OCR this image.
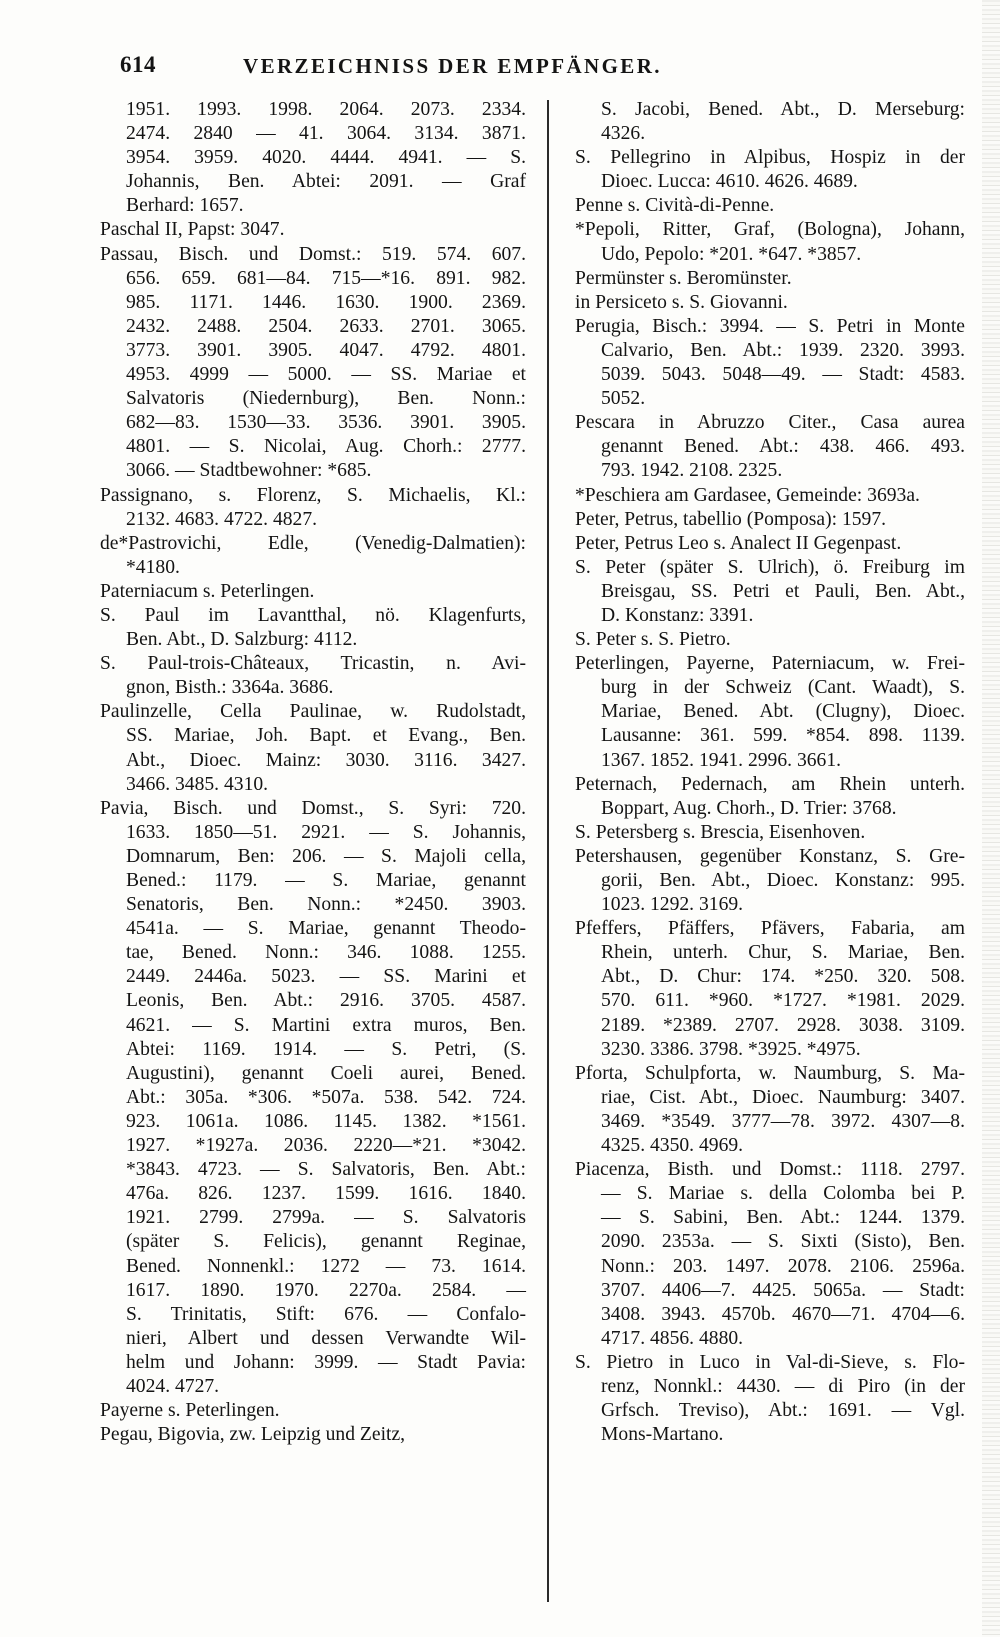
614	VERZEICHNISS DER EMPFÄNGER.
1951. 1993. 1998. 2064. 2073. 2334.
2474. 2840 — 41. 3064. 3134. 3871.
3954. 3959. 4020. 4444. 4941. — S.
Johannis, Ben. Abtei: 2091. — Graf
Berhard: 1657.
Paschal II, Papst: 3047.
Passau, Bisch. und Domst.: 519. 574. 607.
656. 659. 681—84. 715—*16. 891. 982.
985. 1171. 1446. 1630. 1900. 2369.
2432. 2488. 2504. 2633. 2701. 3065.
3773. 3901. 3905. 4047. 4792. 4801.
4953. 4999 — 5000. — SS. Mariae et
Salvatoris (Niedernburg), Ben. Nonn.:
682—83. 1530—33. 3536. 3901. 3905.
4801. — S. Nicolai, Aug. Chorh.: 2777.
3066. — Stadtbewohner: *685.
Passignano, s. Florenz, S. Michaelis, Kl.:
2132. 4683. 4722. 4827.
de*Pastrovichi, Edle, (Venedig-Dalmatien):
*4180.
Paterniacum s. Peterlingen.
S. Paul im Lavantthal, nö. Klagenfurts,
Ben. Abt., D. Salzburg: 4112.
S. Paul-trois-Châteaux, Tricastin, n. Avi-
gnon, Bisth.: 3364a. 3686.
Paulinzelle, Cella Paulinae, w. Rudolstadt,
SS. Mariae, Joh. Bapt. et Evang., Ben.
Abt., Dioec. Mainz: 3030. 3116. 3427.
3466. 3485. 4310.
Pavia, Bisch. und Domst., S. Syri: 720.
1633. 1850—51. 2921. — S. Johannis,
Domnarum, Ben: 206. — S. Majoli cella,
Bened.: 1179. — S. Mariae, genannt
Senatoris, Ben. Nonn.: *2450. 3903.
4541a. — S. Mariae, genannt Theodo-
tae, Bened. Nonn.: 346. 1088. 1255.
2449. 2446a. 5023. — SS. Marini et
Leonis, Ben. Abt.: 2916. 3705. 4587.
4621. — S. Martini extra muros, Ben.
Abtei: 1169. 1914. — S. Petri, (S.
Augustini), genannt Coeli aurei, Bened.
Abt.: 305a. *306. *507a. 538. 542. 724.
923. 1061a. 1086. 1145. 1382. *1561.
1927. *1927a. 2036. 2220—*21. *3042.
*3843. 4723. — S. Salvatoris, Ben. Abt.:
476a. 826. 1237. 1599. 1616. 1840.
1921. 2799. 2799a. — S. Salvatoris
(später S. Felicis), genannt Reginae,
Bened. Nonnenkl.: 1272 — 73. 1614.
1617. 1890. 1970. 2270a. 2584. —
S. Trinitatis, Stift: 676. — Confalo-
nieri, Albert und dessen Verwandte Wil-
helm und Johann: 3999. — Stadt Pavia:
4024. 4727.
Payerne s. Peterlingen.
Pegau, Bigovia, zw. Leipzig und Zeitz,
S. Jacobi, Bened. Abt., D. Merseburg:
4326.
S. Pellegrino in Alpibus, Hospiz in der
Dioec. Lucca: 4610. 4626. 4689.
Penne s. Cività-di-Penne.
*Pepoli, Ritter, Graf, (Bologna), Johann,
Udo, Pepolo: *201. *647. *3857.
Permünster s. Beromünster.
in Persiceto s. S. Giovanni.
Perugia, Bisch.: 3994. — S. Petri in Monte
Calvario, Ben. Abt.: 1939. 2320. 3993.
5039. 5043. 5048—49. — Stadt: 4583.
5052.
Pescara in Abruzzo Citer., Casa aurea
genannt Bened. Abt.: 438. 466. 493.
793. 1942. 2108. 2325.
*Peschiera am Gardasee, Gemeinde: 3693a.
Peter, Petrus, tabellio (Pomposa): 1597.
Peter, Petrus Leo s. Analect II Gegenpast.
S. Peter (später S. Ulrich), ö. Freiburg im
Breisgau, SS. Petri et Pauli, Ben. Abt.,
D. Konstanz: 3391.
S. Peter s. S. Pietro.
Peterlingen, Payerne, Paterniacum, w. Frei-
burg in der Schweiz (Cant. Waadt), S.
Mariae, Bened. Abt. (Clugny), Dioec.
Lausanne: 361. 599. *854. 898. 1139.
1367. 1852. 1941. 2996. 3661.
Peternach, Pedernach, am Rhein unterh.
Boppart, Aug. Chorh., D. Trier: 3768.
S. Petersberg s. Brescia, Eisenhoven.
Petershausen, gegenüber Konstanz, S. Gre-
gorii, Ben. Abt., Dioec. Konstanz: 995.
1023. 1292. 3169.
Pfeffers, Pfäffers, Pfävers, Fabaria, am
Rhein, unterh. Chur, S. Mariae, Ben.
Abt., D. Chur: 174. *250. 320. 508.
570. 611. *960. *1727. *1981. 2029.
2189. *2389. 2707. 2928. 3038. 3109.
3230. 3386. 3798. *3925. *4975.
Pforta, Schulpforta, w. Naumburg, S. Ma-
riae, Cist. Abt., Dioec. Naumburg: 3407.
3469. *3549. 3777—78. 3972. 4307—8.
4325. 4350. 4969.
Piacenza, Bisth. und Domst.: 1118. 2797.
— S. Mariae s. della Colomba bei P.
— S. Sabini, Ben. Abt.: 1244. 1379.
2090. 2353a. — S. Sixti (Sisto), Ben.
Nonn.: 203. 1497. 2078. 2106. 2596a.
3707. 4406—7. 4425. 5065a. — Stadt:
3408. 3943. 4570b. 4670—71. 4704—6.
4717. 4856. 4880.
S. Pietro in Luco in Val-di-Sieve, s. Flo-
renz, Nonnkl.: 4430. — di Piro (in der
Grfsch. Treviso), Abt.: 1691. — Vgl.
Mons-Martano.
